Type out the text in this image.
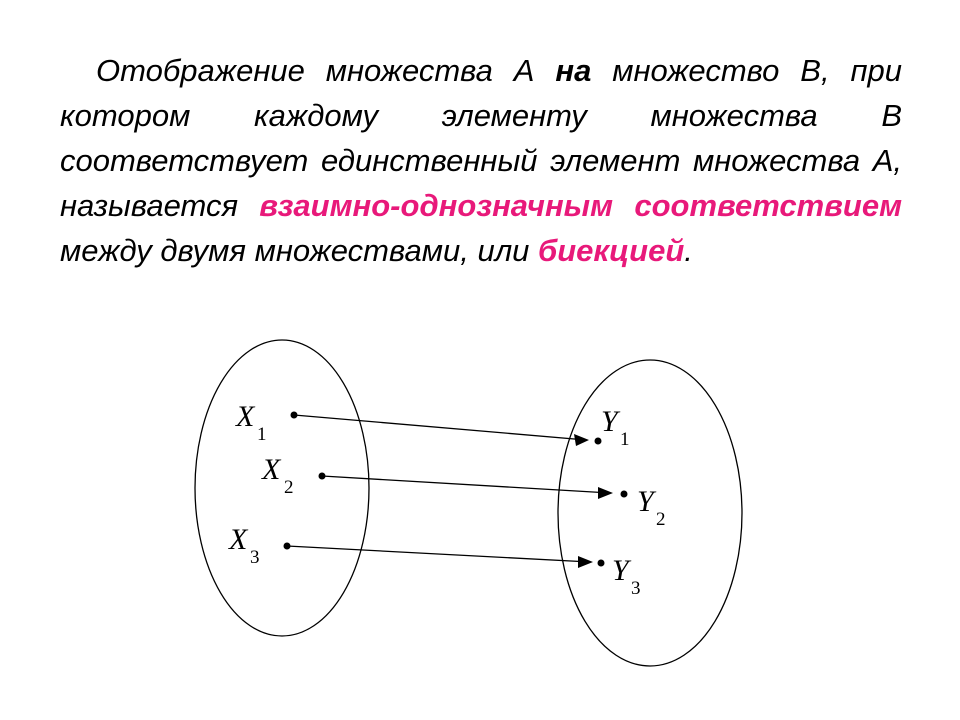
Отображение множества А на множество В, при котором каждому элементу множества В соответствует единственный элемент множества А, называется взаимно-однозначным соответствием между двумя множествами, или биекцией.

X
1
X
2
X
3
Y
1
Y
2
Y
3
